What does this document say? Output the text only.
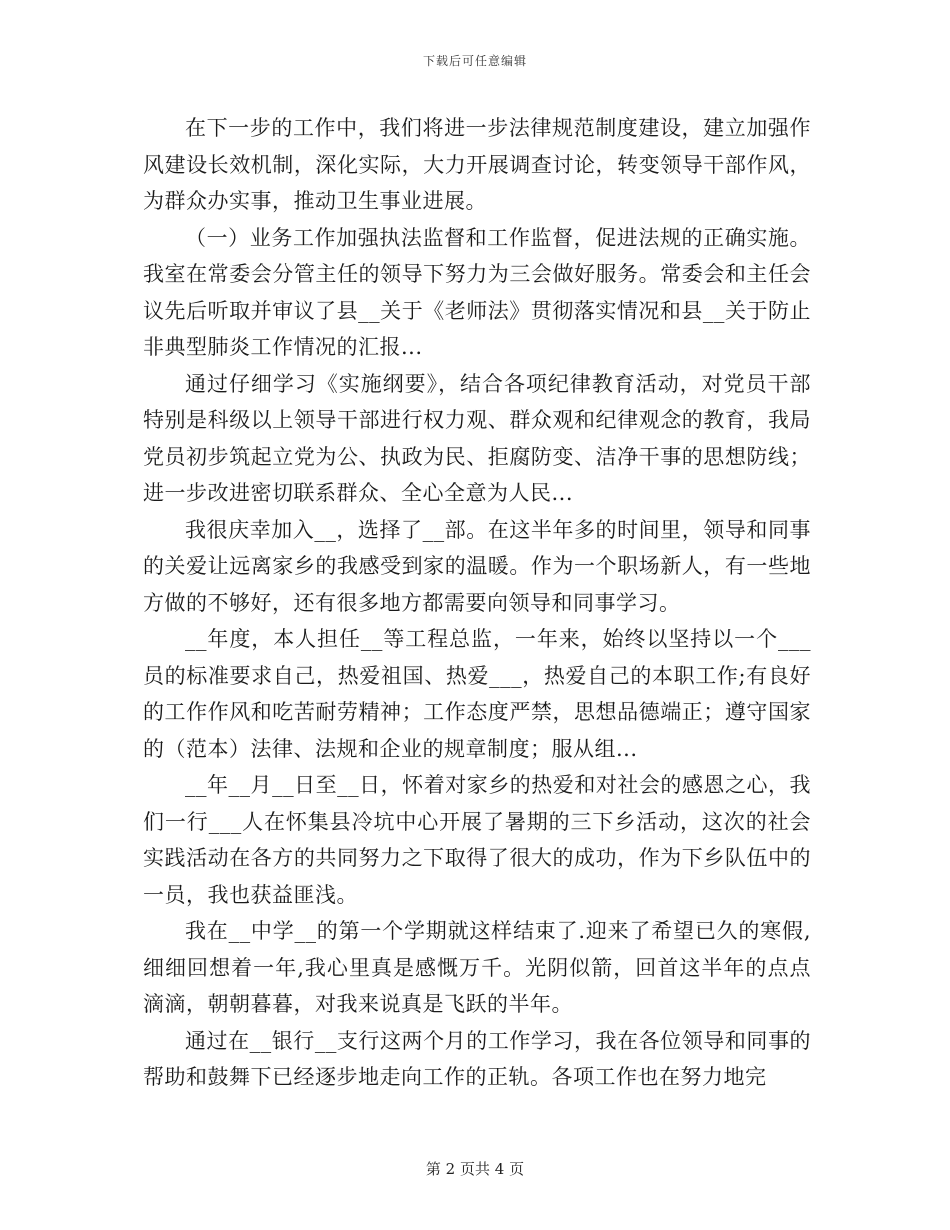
下载后可任意编辑

在下一步的工作中，我们将进一步法律规范制度建设，建立加强作风建设长效机制，深化实际，大力开展调查讨论，转变领导干部作风，为群众办实事，推动卫生事业进展。

（一）业务工作加强执法监督和工作监督，促进法规的正确实施。我室在常委会分管主任的领导下努力为三会做好服务。常委会和主任会议先后听取并审议了县__关于《老师法》贯彻落实情况和县__关于防止非典型肺炎工作情况的汇报...

通过仔细学习《实施纲要》，结合各项纪律教育活动，对党员干部特别是科级以上领导干部进行权力观、群众观和纪律观念的教育，我局党员初步筑起立党为公、执政为民、拒腐防变、洁净干事的思想防线；进一步改进密切联系群众、全心全意为人民...

我很庆幸加入__，选择了__部。在这半年多的时间里，领导和同事的关爱让远离家乡的我感受到家的温暖。作为一个职场新人，有一些地方做的不够好，还有很多地方都需要向领导和同事学习。

__年度，本人担任__等工程总监，一年来，始终以坚持以一个___员的标准要求自己，热爱祖国、热爱___，热爱自己的本职工作;有良好的工作作风和吃苦耐劳精神；工作态度严禁，思想品德端正；遵守国家的（范本）法律、法规和企业的规章制度；服从组...

__年__月__日至__日，怀着对家乡的热爱和对社会的感恩之心，我们一行___人在怀集县冷坑中心开展了暑期的三下乡活动，这次的社会实践活动在各方的共同努力之下取得了很大的成功，作为下乡队伍中的一员，我也获益匪浅。

我在__中学__的第一个学期就这样结束了.迎来了希望已久的寒假,细细回想着一年,我心里真是感慨万千。光阴似箭，回首这半年的点点滴滴，朝朝暮暮，对我来说真是飞跃的半年。

通过在__银行__支行这两个月的工作学习，我在各位领导和同事的帮助和鼓舞下已经逐步地走向工作的正轨。各项工作也在努力地完

第 2 页共 4 页
